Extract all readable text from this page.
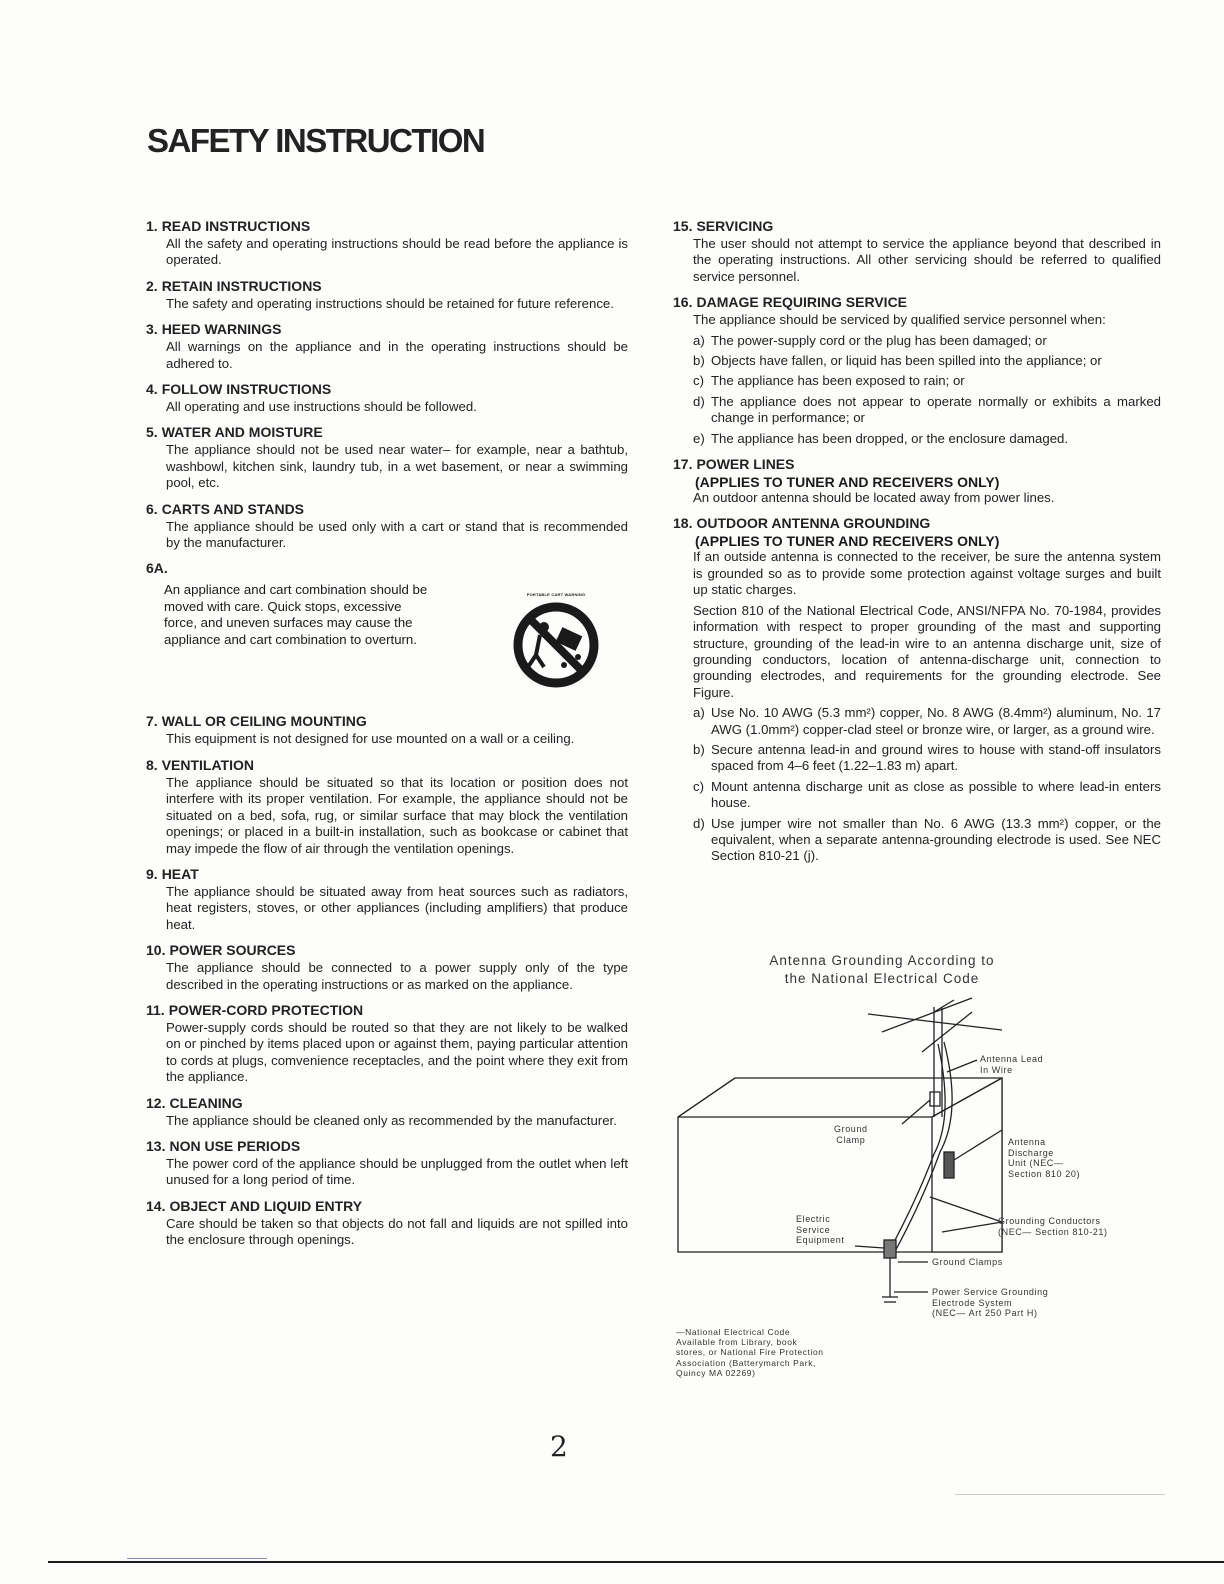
SAFETY INSTRUCTION
1. READ INSTRUCTIONS
All the safety and operating instructions should be read before the appliance is operated.
2. RETAIN INSTRUCTIONS
The safety and operating instructions should be retained for future reference.
3. HEED WARNINGS
All warnings on the appliance and in the operating instructions should be adhered to.
4. FOLLOW INSTRUCTIONS
All operating and use instructions should be followed.
5. WATER AND MOISTURE
The appliance should not be used near water– for example, near a bathtub, washbowl, kitchen sink, laundry tub, in a wet basement, or near a swimming pool, etc.
6. CARTS AND STANDS
The appliance should be used only with a cart or stand that is recommended by the manufacturer.
6A.
An appliance and cart combination should be moved with care. Quick stops, excessive force, and uneven surfaces may cause the appliance and cart combination to overturn.
PORTABLE CART WARNING
7. WALL OR CEILING MOUNTING
This equipment is not designed for use mounted on a wall or a ceiling.
8. VENTILATION
The appliance should be situated so that its location or position does not interfere with its proper ventilation. For example, the appliance should not be situated on a bed, sofa, rug, or similar surface that may block the ventilation openings; or placed in a built-in installation, such as bookcase or cabinet that may impede the flow of air through the ventilation openings.
9. HEAT
The appliance should be situated away from heat sources such as radiators, heat registers, stoves, or other appliances (including amplifiers) that produce heat.
10. POWER SOURCES
The appliance should be connected to a power supply only of the type described in the operating instructions or as marked on the appliance.
11. POWER-CORD PROTECTION
Power-supply cords should be routed so that they are not likely to be walked on or pinched by items placed upon or against them, paying particular attention to cords at plugs, comvenience receptacles, and the point where they exit from the appliance.
12. CLEANING
The appliance should be cleaned only as recommended by the manufacturer.
13. NON USE PERIODS
The power cord of the appliance should be unplugged from the outlet when left unused for a long period of time.
14. OBJECT AND LIQUID ENTRY
Care should be taken so that objects do not fall and liquids are not spilled into the enclosure through openings.
15. SERVICING
The user should not attempt to service the appliance beyond that described in the operating instructions. All other servicing should be referred to qualified service personnel.
16. DAMAGE REQUIRING SERVICE

The appliance should be serviced by qualified service personnel when:

a) The power-supply cord or the plug has been damaged; or
b) Objects have fallen, or liquid has been spilled into the appliance; or
c) The appliance has been exposed to rain; or
d) The appliance does not appear to operate normally or exhibits a marked change in performance; or
e) The appliance has been dropped, or the enclosure damaged.
17. POWER LINES
(APPLIES TO TUNER AND RECEIVERS ONLY)
An outdoor antenna should be located away from power lines.
18. OUTDOOR ANTENNA GROUNDING
(APPLIES TO TUNER AND RECEIVERS ONLY)

If an outside antenna is connected to the receiver, be sure the antenna system is grounded so as to provide some protection against voltage surges and built up static charges.

Section 810 of the National Electrical Code, ANSI/NFPA No. 70-1984, provides information with respect to proper grounding of the mast and supporting structure, grounding of the lead-in wire to an antenna discharge unit, size of grounding conductors, location of antenna-discharge unit, connection to grounding electrodes, and requirements for the grounding electrode. See Figure.

a) Use No. 10 AWG (5.3 mm²) copper, No. 8 AWG (8.4mm²) aluminum, No. 17 AWG (1.0mm²) copper-clad steel or bronze wire, or larger, as a ground wire.
b) Secure antenna lead-in and ground wires to house with stand-off insulators spaced from 4–6 feet (1.22–1.83 m) apart.
c) Mount antenna discharge unit as close as possible to where lead-in enters house.
d) Use jumper wire not smaller than No. 6 AWG (13.3 mm²) copper, or the equivalent, when a separate antenna-grounding electrode is used. See NEC Section 810-21 (j).
Antenna Grounding According to
the National Electrical Code
Antenna Lead
In Wire
Ground
Clamp	Antenna
Discharge
Unit (NEC—
Section 810 20)
Electric
Service
Equipment
Grounding Conductors
(NEC— Section 810-21)
Ground Clamps
Power Service Grounding
Electrode System
(NEC— Art 250 Part H)
—National Electrical Code
Available from Library, book
stores, or National Fire Protection
Association (Batterymarch Park,
Quincy MA 02269)
2
